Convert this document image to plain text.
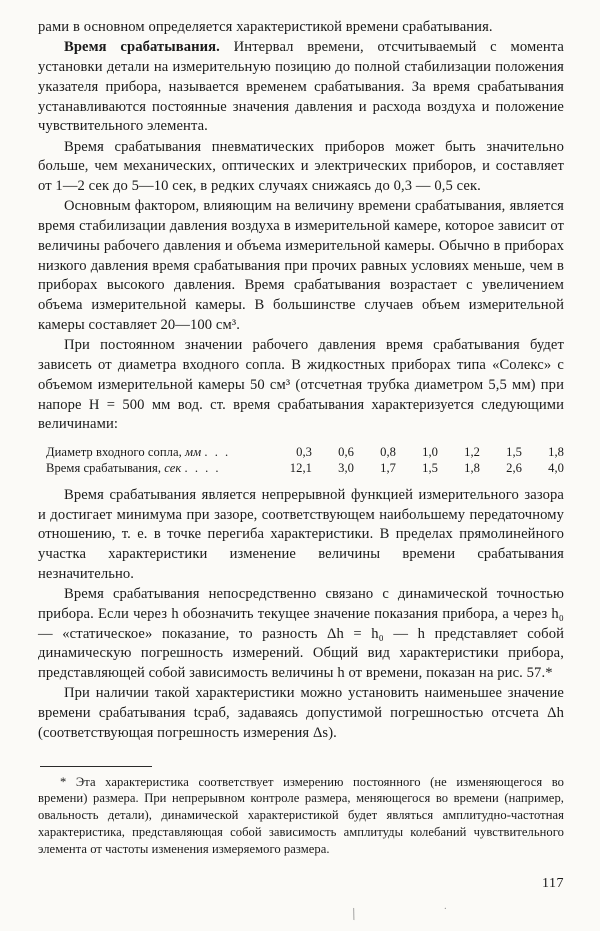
рами в основном определяется характеристикой времени срабатывания.

Время срабатывания. Интервал времени, отсчитываемый с момента установки детали на измерительную позицию до полной стабилизации положения указателя прибора, называется временем срабатывания. За время срабатывания устанавливаются постоянные значения давления и расхода воздуха и положение чувствительного элемента.

Время срабатывания пневматических приборов может быть значительно больше, чем механических, оптических и электрических приборов, и составляет от 1—2 сек до 5—10 сек, в редких случаях снижаясь до 0,3 — 0,5 сек.

Основным фактором, влияющим на величину времени срабатывания, является время стабилизации давления воздуха в измерительной камере, которое зависит от величины рабочего давления и объема измерительной камеры. Обычно в приборах низкого давления время срабатывания при прочих равных условиях меньше, чем в приборах высокого давления. Время срабатывания возрастает с увеличением объема измерительной камеры. В большинстве случаев объем измерительной камеры составляет 20—100 см³.

При постоянном значении рабочего давления время срабатывания будет зависеть от диаметра входного сопла. В жидкостных приборах типа «Солекс» с объемом измерительной камеры 50 см³ (отсчетная трубка диаметром 5,5 мм) при напоре H = 500 мм вод. ст. время срабатывания характеризуется следующими величинами:

Диаметр входного сопла, мм . . .	0,3	0,6	0,8	1,0	1,2	1,5	1,8
Время срабатывания, сек . . . .	12,1	3,0	1,7	1,5	1,8	2,6	4,0

Время срабатывания является непрерывной функцией измерительного зазора и достигает минимума при зазоре, соответствующем наибольшему передаточному отношению, т. е. в точке перегиба характеристики. В пределах прямолинейного участка характеристики изменение величины времени срабатывания незначительно.

Время срабатывания непосредственно связано с динамической точностью прибора. Если через h обозначить текущее значение показания прибора, а через h₀ — «статическое» показание, то разность Δh = h₀ — h представляет собой динамическую погрешность измерений. Общий вид характеристики прибора, представляющей собой зависимость величины h от времени, показан на рис. 57.*

При наличии такой характеристики можно установить наименьшее значение времени срабатывания tсраб, задаваясь допустимой погрешностью отсчета Δh (соответствующая погрешность измерения Δs).

* Эта характеристика соответствует измерению постоянного (не изменяющегося во времени) размера. При непрерывном контроле размера, меняющегося во времени (например, овальность детали), динамической характеристикой будет являться амплитудно-частотная характеристика, представляющая собой зависимость амплитуды колебаний чувствительного элемента от частоты изменения измеряемого размера.

117
\	.
